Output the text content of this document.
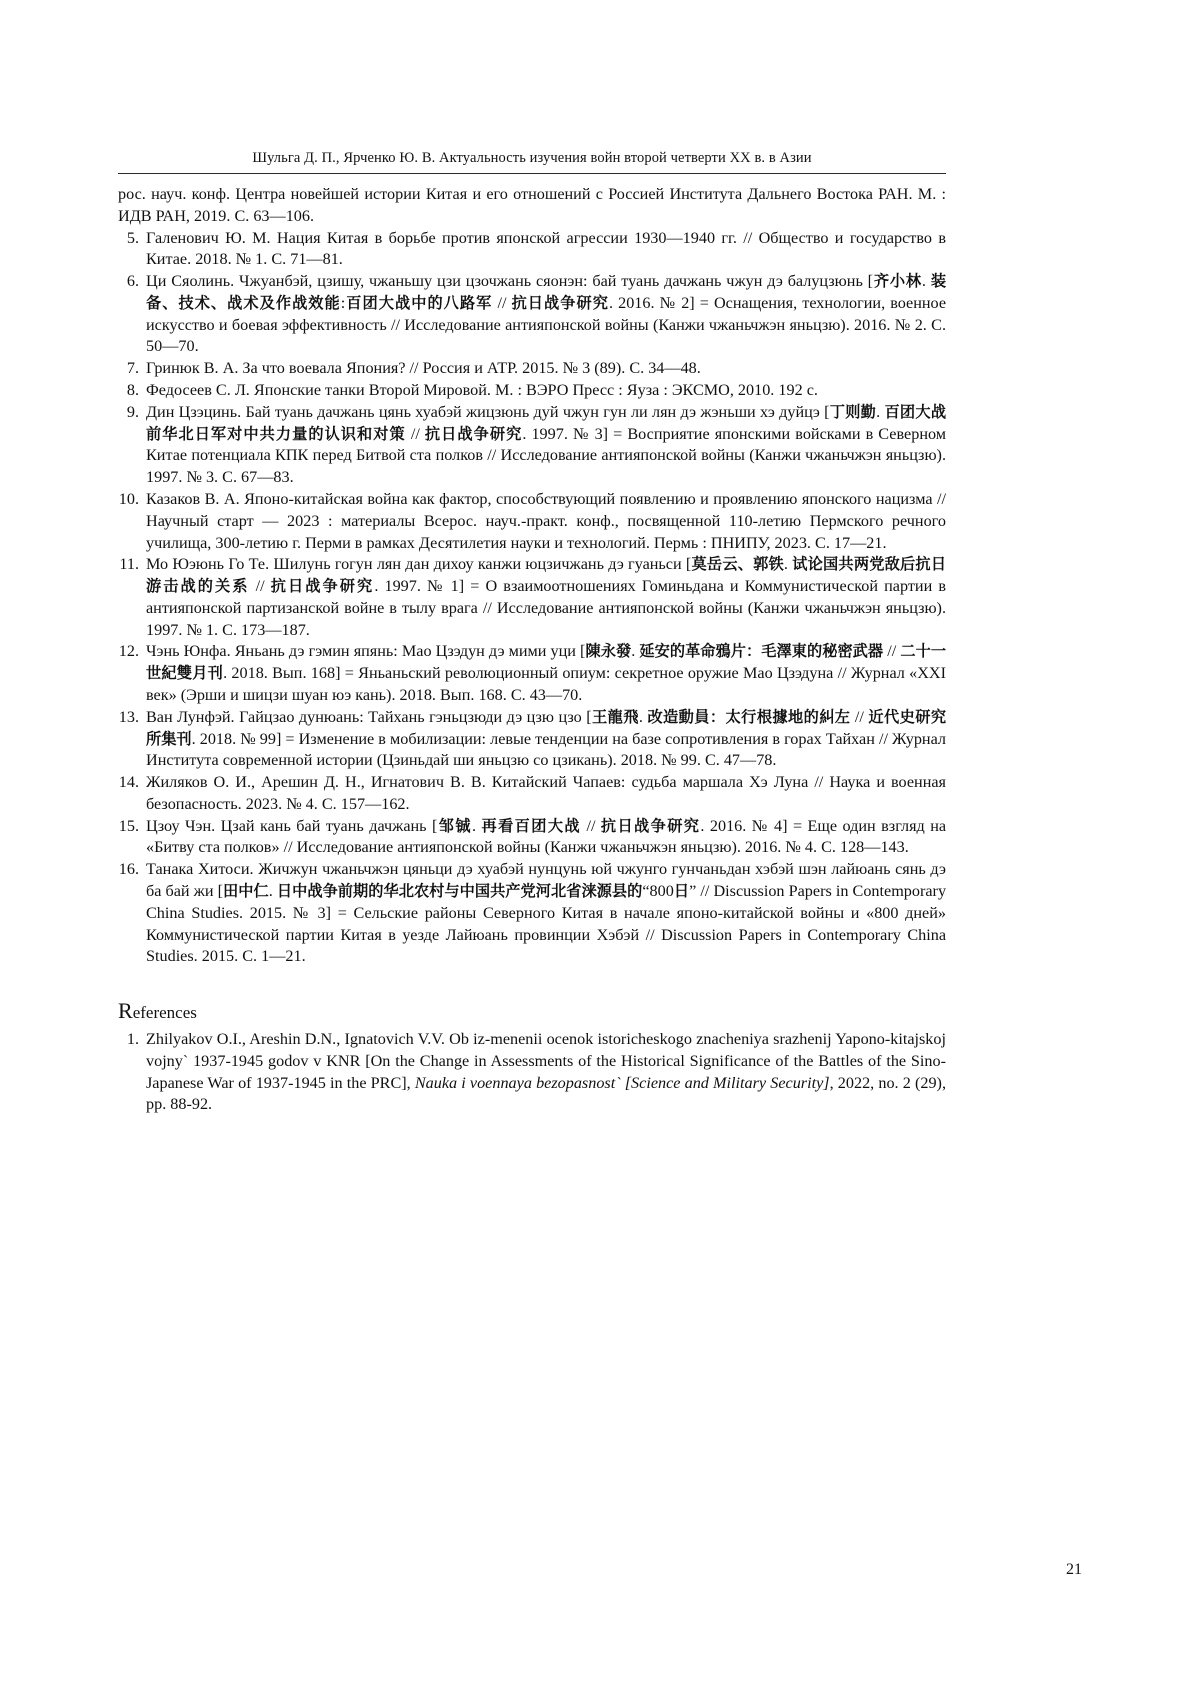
Шульга Д. П., Ярченко Ю. В. Актуальность изучения войн второй четверти ХХ в. в Азии
рос. науч. конф. Центра новейшей истории Китая и его отношений с Россией Института Дальнего Востока РАН. М. : ИДВ РАН, 2019. С. 63—106.
5. Галенович Ю. М. Нация Китая в борьбе против японской агрессии 1930—1940 гг. // Общество и государство в Китае. 2018. № 1. С. 71—81.
6. Ци Сяолинь. Чжуанбэй, цзишу, чжаньшу цзи цзочжань сяонэн: бай туань дачжань чжун дэ балуцзюнь [齐小林. 装备、技术、战术及作战效能:百团大战中的八路军 // 抗日战争研究. 2016. № 2] = Оснащения, технологии, военное искусство и боевая эффективность // Исследование антияпонской войны (Канжи чжаньчжэн яньцзю). 2016. № 2. С. 50—70.
7. Гринюк В. А. За что воевала Япония? // Россия и АТР. 2015. № 3 (89). С. 34—48.
8. Федосеев С. Л. Японские танки Второй Мировой. М. : ВЭРО Пресс : Яуза : ЭКСМО, 2010. 192 с.
9. Дин Цзэцинь. Бай туань дачжань цянь хуабэй жицзюнь дуй чжун гун ли лян дэ жэньши хэ дуйцэ [丁则勤. 百团大战前华北日军对中共力量的认识和对策 // 抗日战争研究. 1997. № 3] = Восприятие японскими войсками в Северном Китае потенциала КПК перед Битвой ста полков // Исследование антияпонской войны (Канжи чжаньчжэн яньцзю). 1997. № 3. С. 67—83.
10. Казаков В. А. Японо-китайская война как фактор, способствующий появлению и проявлению японского нацизма // Научный старт — 2023 : материалы Всерос. науч.-практ. конф., посвященной 110-летию Пермского речного училища, 300-летию г. Перми в рамках Десятилетия науки и технологий. Пермь : ПНИПУ, 2023. С. 17—21.
11. Мо Юэюнь Го Те. Шилунь гогун лян дан дихоу канжи юцзичжань дэ гуаньси [莫岳云、郭铁. 试论国共两党敌后抗日游击战的关系 // 抗日战争研究. 1997. № 1] = О взаимоотношениях Гоминьдана и Коммунистической партии в антияпонской партизанской войне в тылу врага // Исследование антияпонской войны (Канжи чжаньчжэн яньцзю). 1997. № 1. С. 173—187.
12. Чэнь Юнфа. Яньань дэ гэмин япянь: Мао Цзэдун дэ мими уци [陳永發. 延安的革命鴉片：毛澤東的秘密武器 // 二十一世紀雙月刊. 2018. Вып. 168] = Яньаньский революционный опиум: секретное оружие Мао Цзэдуна // Журнал «XXI век» (Эрши и шицзи шуан юэ кань). 2018. Вып. 168. С. 43—70.
13. Ван Лунфэй. Гайцзао дунюань: Тайхань гэньцзюди дэ цзю цзо [王龍飛. 改造動員：太行根據地的糾左 // 近代史研究所集刊. 2018. № 99] = Изменение в мобилизации: левые тенденции на базе сопротивления в горах Тайхан // Журнал Института современной истории (Цзиньдай ши яньцзю со цзикань). 2018. № 99. С. 47—78.
14. Жиляков О. И., Арешин Д. Н., Игнатович В. В. Китайский Чапаев: судьба маршала Хэ Луна // Наука и военная безопасность. 2023. № 4. С. 157—162.
15. Цзоу Чэн. Цзай кань бай туань дачжань [邹铖. 再看百团大战 // 抗日战争研究. 2016. № 4] = Еще один взгляд на «Битву ста полков» // Исследование антияпонской войны (Канжи чжаньчжэн яньцзю). 2016. № 4. С. 128—143.
16. Танака Хитоси. Жичжун чжаньчжэн цяньци дэ хуабэй нунцунь юй чжунго гунчаньдан хэбэй шэн лайюань сянь дэ ба бай жи [田中仁. 日中战争前期的华北农村与中国共产党河北省涞源县的“800日” // Discussion Papers in Contemporary China Studies. 2015. № 3] = Сельские районы Северного Китая в начале японо-китайской войны и «800 дней» Коммунистической партии Китая в уезде Лайюань провинции Хэбэй // Discussion Papers in Contemporary China Studies. 2015. С. 1—21.
References
1. Zhilyakov O.I., Areshin D.N., Ignatovich V.V. Ob iz-menenii ocenok istoricheskogo znacheniya srazhenij Yapono-kitajskoj vojny` 1937-1945 godov v KNR [On the Change in Assessments of the Historical Significance of the Battles of the Sino-Japanese War of 1937-1945 in the PRC], Nauka i voennaya bezopasnost` [Science and Military Security], 2022, no. 2 (29), pp. 88-92.
21
